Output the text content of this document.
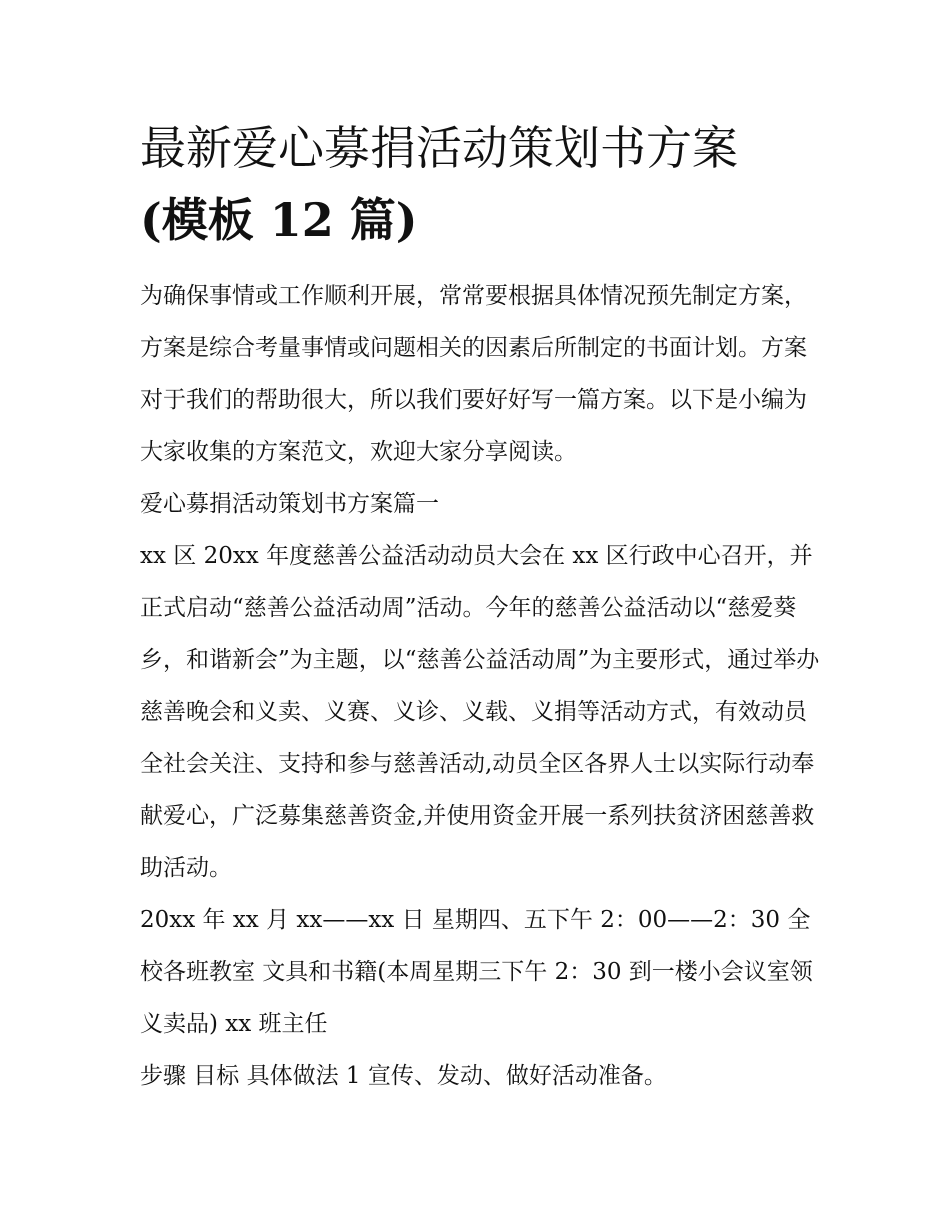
最新爱心募捐活动策划书方案
(模板 12 篇)

为确保事情或工作顺利开展，常常要根据具体情况预先制定方案，方案是综合考量事情或问题相关的因素后所制定的书面计划。方案对于我们的帮助很大，所以我们要好好写一篇方案。以下是小编为大家收集的方案范文，欢迎大家分享阅读。

爱心募捐活动策划书方案篇一

xx 区 20xx 年度慈善公益活动动员大会在 xx 区行政中心召开，并正式启动“慈善公益活动周”活动。今年的慈善公益活动以“慈爱葵乡，和谐新会”为主题，以“慈善公益活动周”为主要形式，通过举办慈善晚会和义卖、义赛、义诊、义载、义捐等活动方式，有效动员全社会关注、支持和参与慈善活动,动员全区各界人士以实际行动奉献爱心，广泛募集慈善资金,并使用资金开展一系列扶贫济困慈善救助活动。

20xx 年 xx 月 xx——xx 日 星期四、五下午 2：00——2：30 全校各班教室 文具和书籍(本周星期三下午 2：30 到一楼小会议室领义卖品) xx 班主任

步骤 目标 具体做法 1 宣传、发动、做好活动准备。
